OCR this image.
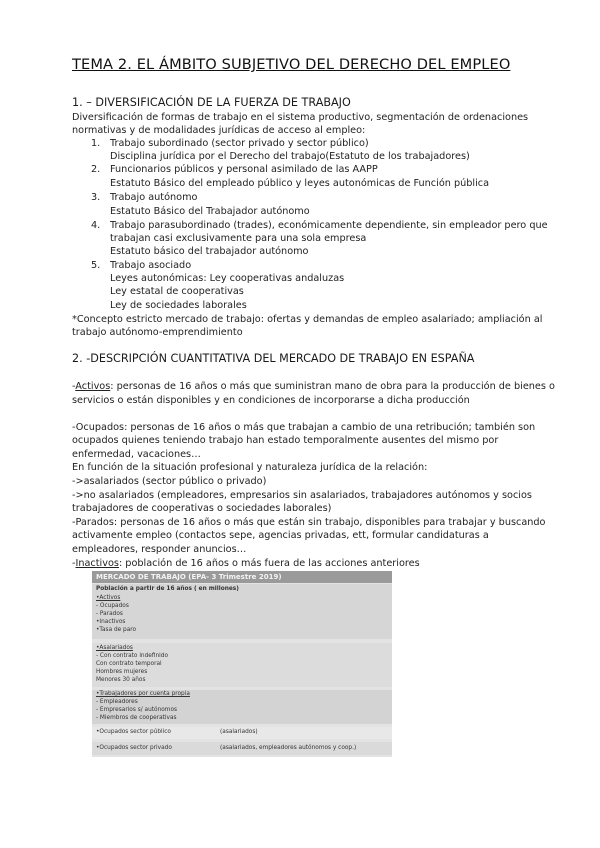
TEMA 2. EL ÁMBITO SUBJETIVO DEL DERECHO DEL EMPLEO
1. – DIVERSIFICACIÓN DE LA FUERZA DE TRABAJO
Diversificación de formas de trabajo en el sistema productivo, segmentación de ordenaciones
normativas y de modalidades jurídicas de acceso al empleo:
1. Trabajo subordinado (sector privado y sector público)
Disciplina jurídica por el Derecho del trabajo(Estatuto de los trabajadores)
2. Funcionarios públicos y personal asimilado de las AAPP
Estatuto Básico del empleado público y leyes autonómicas de Función pública
3. Trabajo autónomo
Estatuto Básico del Trabajador autónomo
4. Trabajo parasubordinado (trades), económicamente dependiente, sin empleador pero que
trabajan casi exclusivamente para una sola empresa
Estatuto básico del trabajador autónomo
5. Trabajo asociado
Leyes autonómicas: Ley cooperativas andaluzas
Ley estatal de cooperativas
Ley de sociedades laborales
*Concepto estricto mercado de trabajo: ofertas y demandas de empleo asalariado; ampliación al
trabajo autónomo-emprendimiento
2. -DESCRIPCIÓN CUANTITATIVA DEL MERCADO DE TRABAJO EN ESPAÑA
-Activos: personas de 16 años o más que suministran mano de obra para la producción de bienes o
servicios o están disponibles y en condiciones de incorporarse a dicha producción
-Ocupados: personas de 16 años o más que trabajan a cambio de una retribución; también son
ocupados quienes teniendo trabajo han estado temporalmente ausentes del mismo por
enfermedad, vacaciones…
En función de la situación profesional y naturaleza jurídica de la relación:
->asalariados (sector público o privado)
->no asalariados (empleadores, empresarios sin asalariados, trabajadores autónomos y socios
trabajadores de cooperativas o sociedades laborales)
-Parados: personas de 16 años o más que están sin trabajo, disponibles para trabajar y buscando
activamente empleo (contactos sepe, agencias privadas, ett, formular candidaturas a
empleadores, responder anuncios…
-Inactivos: población de 16 años o más fuera de las acciones anteriores
MERCADO DE TRABAJO (EPA- 3 Trimestre 2019)
Población a partir de 16 años ( en millones)
•Activos
- Ocupados
- Parados
•Inactivos
•Tasa de paro
•Asalariados
- Con contrato indefinido
Con contrato temporal
Hombres mujeres
Menores 30 años
•Trabajadores por cuenta propia
- Empleadores
- Empresarios s/ autónomos
- Miembros de cooperativas
•Ocupados sector público	(asalariados)
•Ocupados sector privado	(asalariados, empleadores autónomos y coop.)
